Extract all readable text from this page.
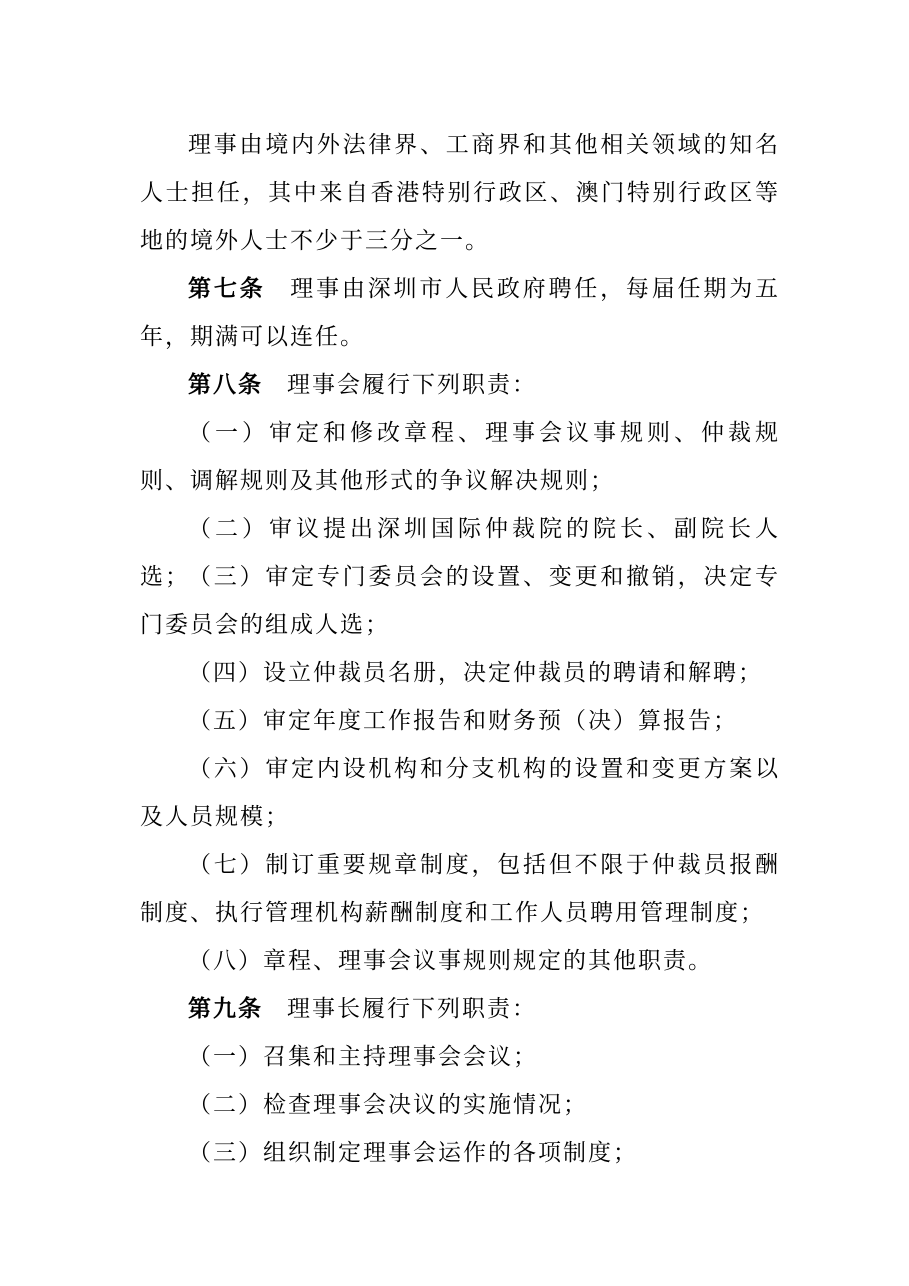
理事由境内外法律界、工商界和其他相关领域的知名人士担任，其中来自香港特别行政区、澳门特别行政区等地的境外人士不少于三分之一。

第七条 理事由深圳市人民政府聘任，每届任期为五年，期满可以连任。

第八条 理事会履行下列职责：

（一）审定和修改章程、理事会议事规则、仲裁规则、调解规则及其他形式的争议解决规则；

（二）审议提出深圳国际仲裁院的院长、副院长人选；

（三）审定专门委员会的设置、变更和撤销，决定专门委员会的组成人选；

（四）设立仲裁员名册，决定仲裁员的聘请和解聘；

（五）审定年度工作报告和财务预（决）算报告；

（六）审定内设机构和分支机构的设置和变更方案以及人员规模；

（七）制订重要规章制度，包括但不限于仲裁员报酬制度、执行管理机构薪酬制度和工作人员聘用管理制度；

（八）章程、理事会议事规则规定的其他职责。

第九条 理事长履行下列职责：

（一）召集和主持理事会会议；

（二）检查理事会决议的实施情况；

（三）组织制定理事会运作的各项制度；
